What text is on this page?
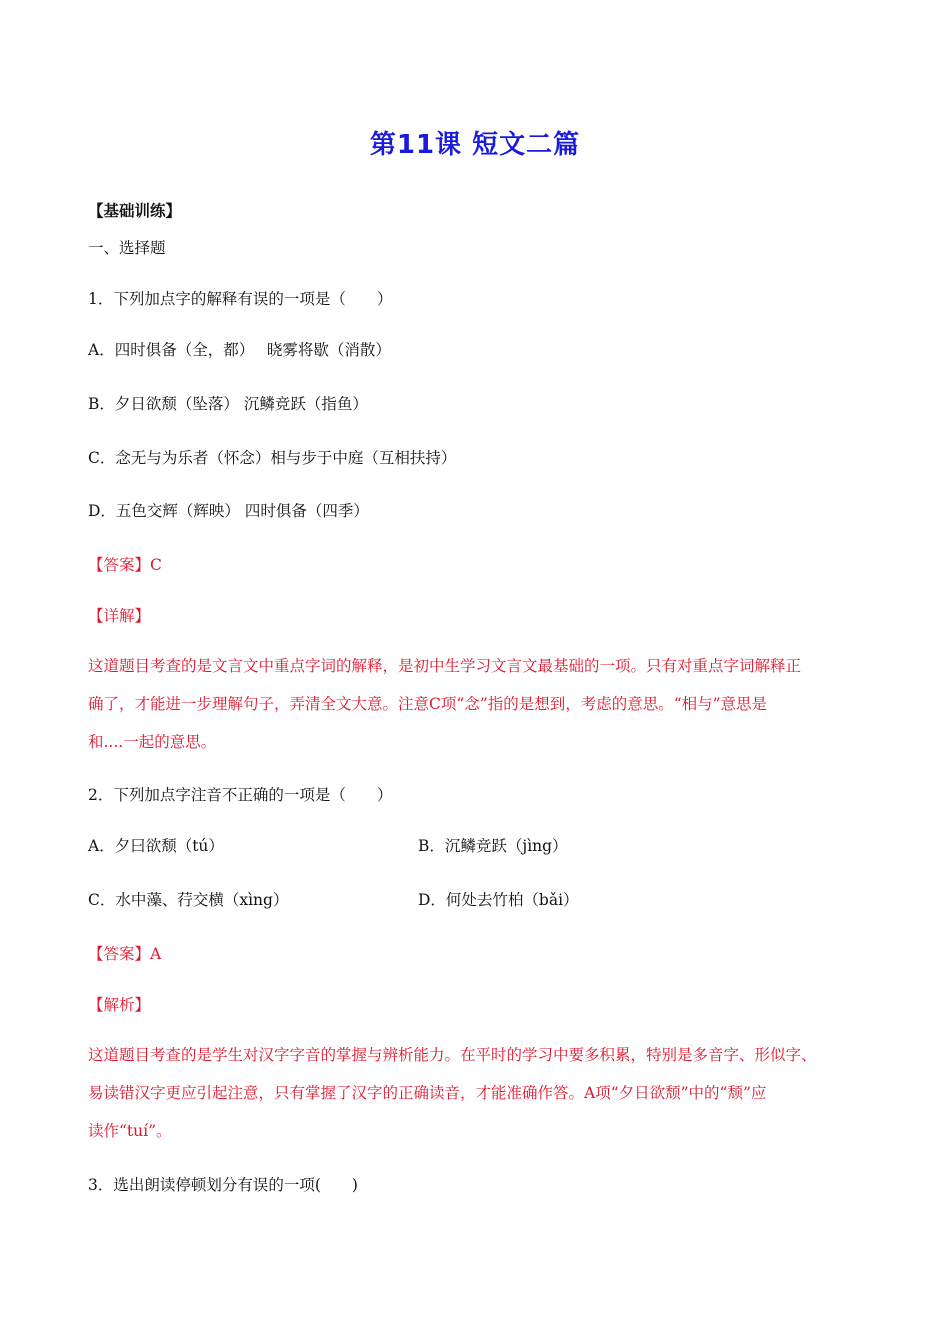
第11课 短文二篇
【基础训练】
一、选择题
1．下列加点字的解释有误的一项是（　　）
A．四时俱备（全，都）　 晓雾将歇（消散）
B．夕日欲颓（坠落） 沉鳞竞跃（指鱼）
C．念无与为乐者（怀念）相与步于中庭（互相扶持）
D．五色交辉（辉映） 四时俱备（四季）
【答案】C
【详解】
这道题目考查的是文言文中重点字词的解释，是初中生学习文言文最基础的一项。只有对重点字词解释正
确了，才能进一步理解句子，弄清全文大意。注意C项“念”指的是想到，考虑的意思。“相与”意思是
和....一起的意思。
2．下列加点字注音不正确的一项是（　　）
A．夕曰欲颓（tú）	B．沉鳞竞跃（jìng）
C．水中藻、荇交横（xìng）	D．何处去竹柏（bǎi）
【答案】A
【解析】
这道题目考查的是学生对汉字字音的掌握与辨析能力。在平时的学习中要多积累，特别是多音字、形似字、
易读错汉字更应引起注意，只有掌握了汉字的正确读音，才能准确作答。A项“夕日欲颓”中的“颓”应
读作“tuí”。
3．选出朗读停顿划分有误的一项(　　)
